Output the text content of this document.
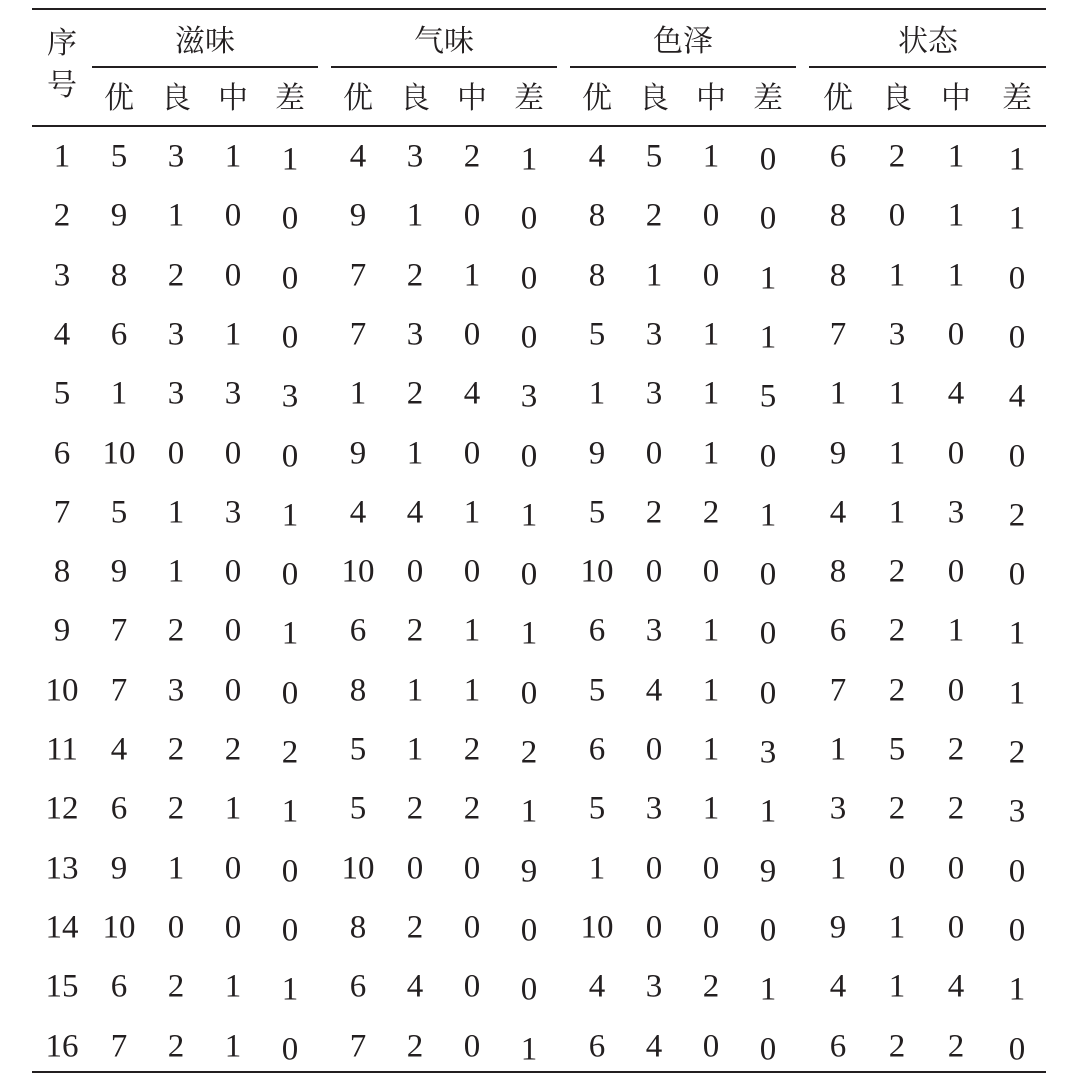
序
号
滋味	气味	色泽	状态
优 良 中 差 优 良 中 差 优 良 中 差 优 良 中 差
1 5 3 1 1 4 3 2 1 4 5 1 0 6 2 1 1
2 9 1 0 0 9 1 0 0 8 2 0 0 8 0 1 1
3 8 2 0 0 7 2 1 0 8 1 0 1 8 1 1 0
4 6 3 1 0 7 3 0 0 5 3 1 1 7 3 0 0
5 1 3 3 3 1 2 4 3 1 3 1 5 1 1 4 4
6 10 0 0 0 9 1 0 0 9 0 1 0 9 1 0 0
7 5 1 3 1 4 4 1 1 5 2 2 1 4 1 3 2
8 9 1 0 0 10 0 0 0 10 0 0 0 8 2 0 0
9 7 2 0 1 6 2 1 1 6 3 1 0 6 2 1 1
10 7 3 0 0 8 1 1 0 5 4 1 0 7 2 0 1
11 4 2 2 2 5 1 2 2 6 0 1 3 1 5 2 2
12 6 2 1 1 5 2 2 1 5 3 1 1 3 2 2 3
13 9 1 0 0 10 0 0 9 1 0 0 9 1 0 0 0
14 10 0 0 0 8 2 0 0 10 0 0 0 9 1 0 0
15 6 2 1 1 6 4 0 0 4 3 2 1 4 1 4 1
16 7 2 1 0 7 2 0 1 6 4 0 0 6 2 2 0
